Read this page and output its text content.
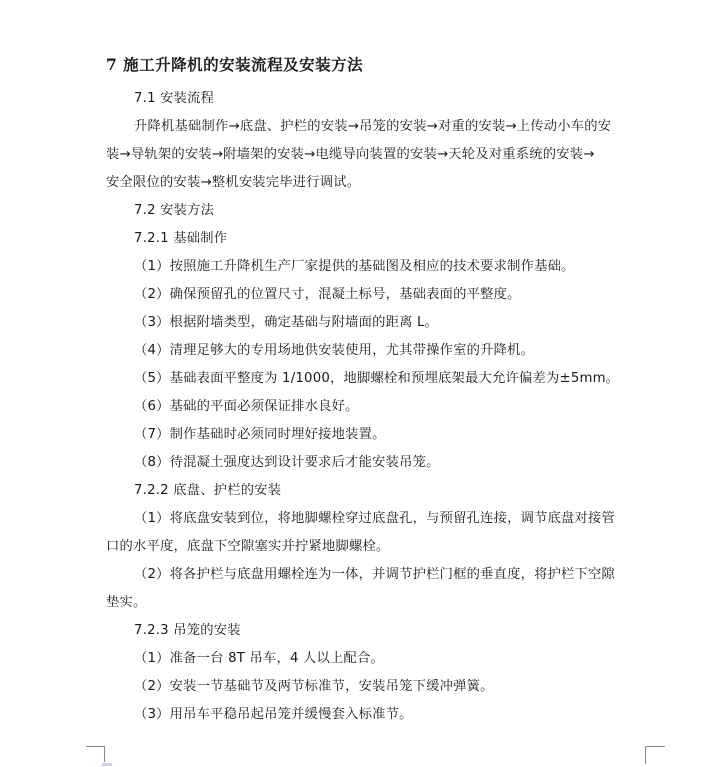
7 施工升降机的安装流程及安装方法
7.1 安装流程
升降机基础制作→底盘、护栏的安装→吊笼的安装→对重的安装→上传动小车的安
装→导轨架的安装→附墙架的安装→电缆导向装置的安装→天轮及对重系统的安装→
安全限位的安装→整机安装完毕进行调试。
7.2 安装方法
7.2.1 基础制作
（1）按照施工升降机生产厂家提供的基础图及相应的技术要求制作基础。
（2）确保预留孔的位置尺寸，混凝土标号，基础表面的平整度。
（3）根据附墙类型，确定基础与附墙面的距离 L。
（4）清理足够大的专用场地供安装使用，尤其带操作室的升降机。
（5）基础表面平整度为 1/1000，地脚螺栓和预埋底架最大允许偏差为±5mm。
（6）基础的平面必须保证排水良好。
（7）制作基础时必须同时埋好接地装置。
（8）待混凝土强度达到设计要求后才能安装吊笼。
7.2.2 底盘、护栏的安装
（1）将底盘安装到位，将地脚螺栓穿过底盘孔，与预留孔连接，调节底盘对接管
口的水平度，底盘下空隙塞实并拧紧地脚螺栓。
（2）将各护栏与底盘用螺栓连为一体，并调节护栏门框的垂直度，将护栏下空隙
垫实。
7.2.3 吊笼的安装
（1）准备一台 8T 吊车，4 人以上配合。
（2）安装一节基础节及两节标准节，安装吊笼下缓冲弹簧。
（3）用吊车平稳吊起吊笼并缓慢套入标准节。
